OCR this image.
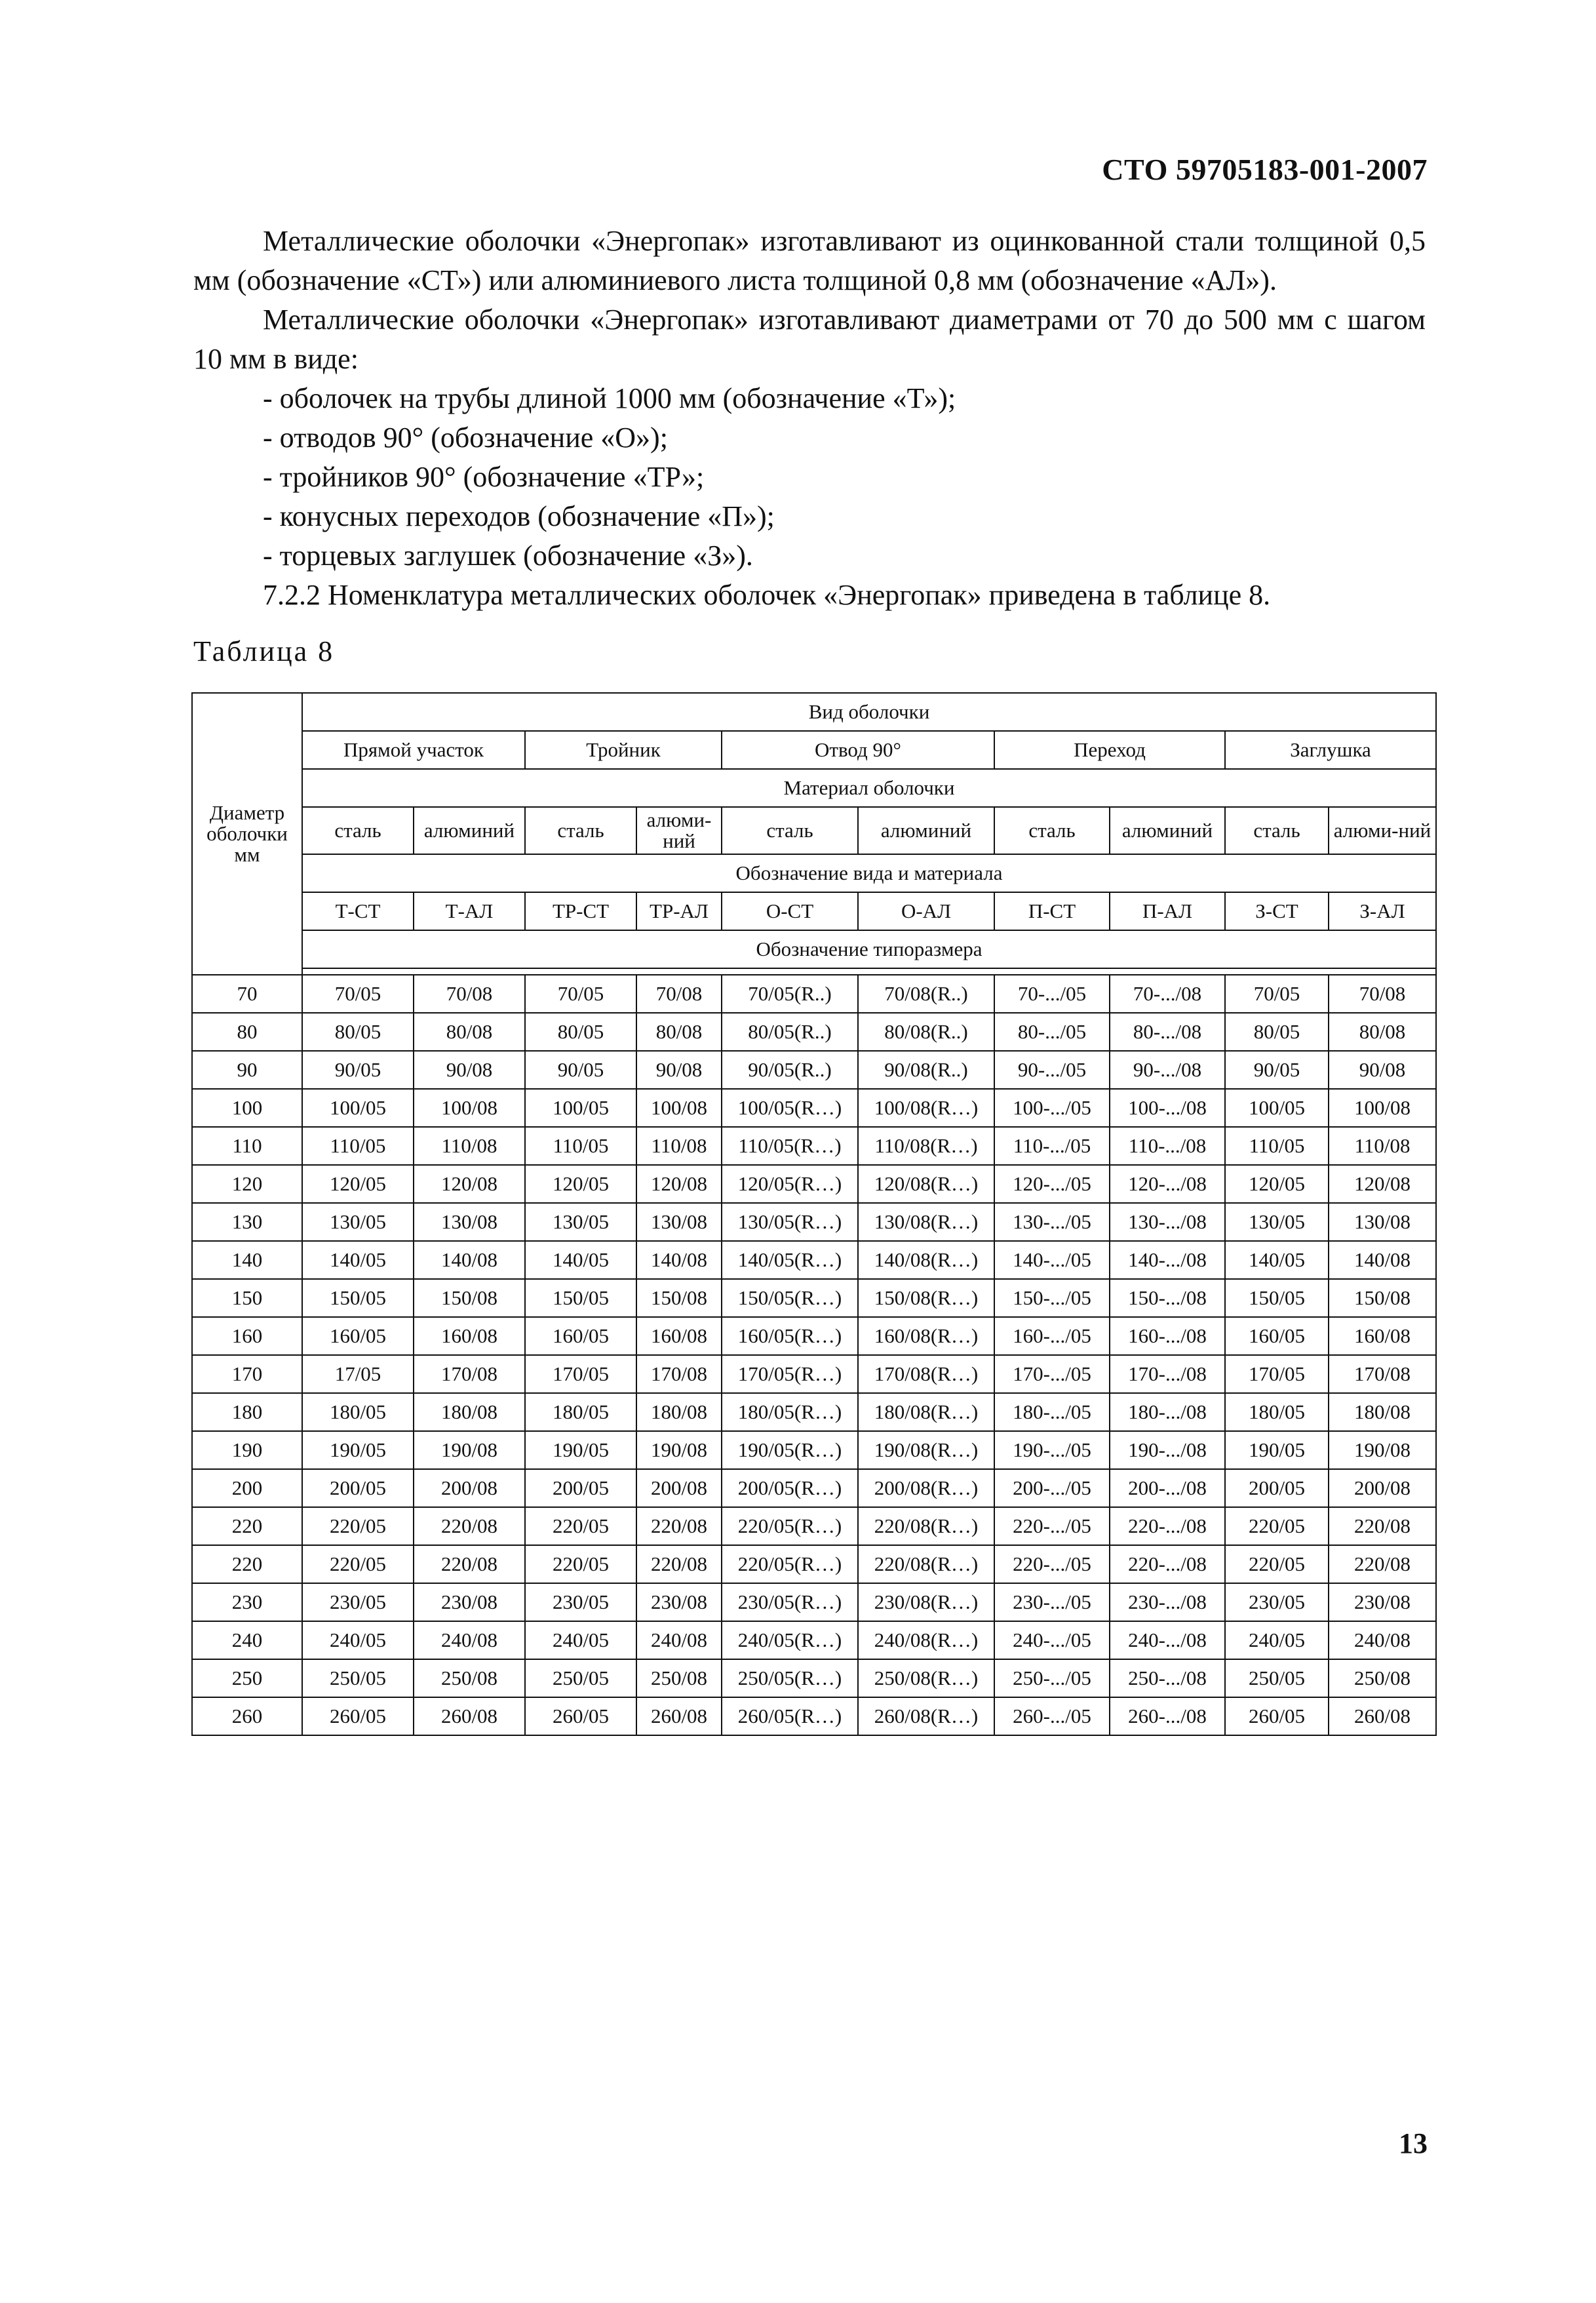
СТО 59705183-001-2007

Металлические оболочки «Энергопак» изготавливают из оцинкованной стали толщиной 0,5 мм (обозначение «СТ») или алюминиевого листа толщиной 0,8 мм (обозначение «АЛ»).

Металлические оболочки «Энергопак» изготавливают диаметрами от 70 до 500 мм с шагом 10 мм в виде:

- оболочек на трубы длиной 1000 мм (обозначение «Т»);

- отводов 90° (обозначение «О»);

- тройников 90° (обозначение «ТР»;

- конусных переходов (обозначение «П»);

- торцевых заглушек (обозначение «З»).

7.2.2 Номенклатура металлических оболочек «Энергопак» приведена в таблице 8.

Таблица 8
Диаметр оболочки мм	Вид оболочки									
	Прямой участок		Тройник		Отвод 90°		Переход		Заглушка	
	Материал оболочки									
	сталь	алюминий	сталь	алюми-ний	сталь	алюминий	сталь	алюминий	сталь	алюми-ний
	Обозначение вида и материала									
	Т-СТ	Т-АЛ	ТР-СТ	ТР-АЛ	О-СТ	О-АЛ	П-СТ	П-АЛ	З-СТ	З-АЛ
	Обозначение типоразмера									

70	70/05	70/08	70/05	70/08	70/05(R..)	70/08(R..)	70-.../05	70-.../08	70/05	70/08
80	80/05	80/08	80/05	80/08	80/05(R..)	80/08(R..)	80-.../05	80-.../08	80/05	80/08
90	90/05	90/08	90/05	90/08	90/05(R..)	90/08(R..)	90-.../05	90-.../08	90/05	90/08
100	100/05	100/08	100/05	100/08	100/05(R…)	100/08(R…)	100-.../05	100-.../08	100/05	100/08
110	110/05	110/08	110/05	110/08	110/05(R…)	110/08(R…)	110-.../05	110-.../08	110/05	110/08
120	120/05	120/08	120/05	120/08	120/05(R…)	120/08(R…)	120-.../05	120-.../08	120/05	120/08
130	130/05	130/08	130/05	130/08	130/05(R…)	130/08(R…)	130-.../05	130-.../08	130/05	130/08
140	140/05	140/08	140/05	140/08	140/05(R…)	140/08(R…)	140-.../05	140-.../08	140/05	140/08
150	150/05	150/08	150/05	150/08	150/05(R…)	150/08(R…)	150-.../05	150-.../08	150/05	150/08
160	160/05	160/08	160/05	160/08	160/05(R…)	160/08(R…)	160-.../05	160-.../08	160/05	160/08
170	17/05	170/08	170/05	170/08	170/05(R…)	170/08(R…)	170-.../05	170-.../08	170/05	170/08
180	180/05	180/08	180/05	180/08	180/05(R…)	180/08(R…)	180-.../05	180-.../08	180/05	180/08
190	190/05	190/08	190/05	190/08	190/05(R…)	190/08(R…)	190-.../05	190-.../08	190/05	190/08
200	200/05	200/08	200/05	200/08	200/05(R…)	200/08(R…)	200-.../05	200-.../08	200/05	200/08
220	220/05	220/08	220/05	220/08	220/05(R…)	220/08(R…)	220-.../05	220-.../08	220/05	220/08
220	220/05	220/08	220/05	220/08	220/05(R…)	220/08(R…)	220-.../05	220-.../08	220/05	220/08
230	230/05	230/08	230/05	230/08	230/05(R…)	230/08(R…)	230-.../05	230-.../08	230/05	230/08
240	240/05	240/08	240/05	240/08	240/05(R…)	240/08(R…)	240-.../05	240-.../08	240/05	240/08
250	250/05	250/08	250/05	250/08	250/05(R…)	250/08(R…)	250-.../05	250-.../08	250/05	250/08
260	260/05	260/08	260/05	260/08	260/05(R…)	260/08(R…)	260-.../05	260-.../08	260/05	260/08
13
